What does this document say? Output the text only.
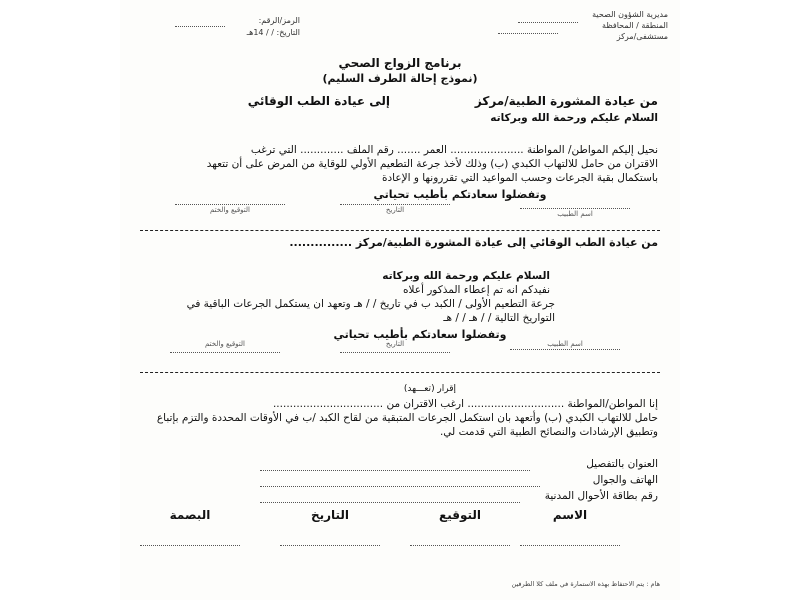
مديرية الشؤون الصحية
المنطقة / المحافظة
مستشفى/مركز
الرمز/الرقم:
التاريخ: / / 14هـ
برنامج الزواج الصحي
(نموذج إحالة الطرف السليم)
من عيادة المشورة الطبية/مركز
إلى عيادة الطب الوقائي
السلام عليكم ورحمة الله وبركاته
نحيل إليكم المواطن/ المواطنة ...................... العمر ....... رقم الملف ............. التي ترغب
الاقتران من حامل للالتهاب الكبدي (ب) وذلك لأخذ جرعة التطعيم الأولي للوقاية من المرض على أن تتعهد
باستكمال بقية الجرعات وحسب المواعيد التي تقررونها و الإعادة
وتفضلوا سعادتكم بأطيب تحياتي
اسم الطبيب
التاريخ
التوقيع والختم
من عيادة الطب الوقائي إلى عيادة المشورة الطبية/مركز ...............
السلام عليكم ورحمة الله وبركاته
نفيدكم انه تم إعطاء المذكور أعلاه
جرعة التطعيم الأولى / الكبد ب في تاريخ / / هـ وتعهد ان يستكمل الجرعات الباقية في
التواريخ التالية / / هـ / / هـ
وتفضلوا سعادتكم بأطيب تحياتي
اسم الطبيب
التاريخ
التوقيع والختم
إقرار (تعـــهد)
إنا المواطن/المواطنة ............................. ارغب الاقتران من .................................
حامل للالتهاب الكبدي (ب) وأتعهد بان استكمل الجرعات المتبقية من لقاح الكبد /ب في الأوقات المحددة والتزم بإتباع
وتطبيق الإرشادات والنصائح الطبية التي قدمت لي.
العنوان بالتفصيل
الهاتف والجوال
رقم بطاقة الأحوال المدنية
الاسم
التوقيع
التاريخ
البصمة
هام : يتم الاحتفاظ بهذه الاستمارة في ملف كلا الطرفين
